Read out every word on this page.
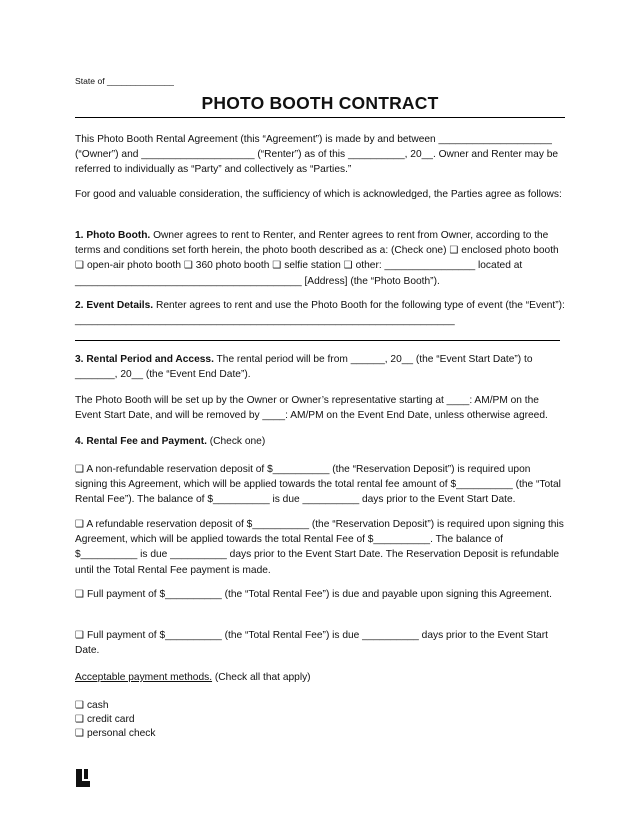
State of ______________
PHOTO BOOTH CONTRACT

This Photo Booth Rental Agreement (this “Agreement”) is made by and between ____________________ (“Owner”) and ____________________ (“Renter”) as of this __________, 20__. Owner and Renter may be referred to individually as “Party” and collectively as “Parties.”

For good and valuable consideration, the sufficiency of which is acknowledged, the Parties agree as follows:

1. Photo Booth. Owner agrees to rent to Renter, and Renter agrees to rent from Owner, according to the terms and conditions set forth herein, the photo booth described as a: (Check one) ❑ enclosed photo booth ❑ open-air photo booth ❑ 360 photo booth ❑ selfie station ❑ other: ________________ located at ________________________________________ [Address] (the “Photo Booth”).

2. Event Details. Renter agrees to rent and use the Photo Booth for the following type of event (the “Event”): ___________________________________________________________________

3. Rental Period and Access. The rental period will be from ______, 20__ (the “Event Start Date”) to _______, 20__ (the “Event End Date”).

The Photo Booth will be set up by the Owner or Owner’s representative starting at ____: AM/PM on the Event Start Date, and will be removed by ____: AM/PM on the Event End Date, unless otherwise agreed.

4. Rental Fee and Payment. (Check one)

❑ A non-refundable reservation deposit of $__________ (the “Reservation Deposit”) is required upon signing this Agreement, which will be applied towards the total rental fee amount of $__________ (the “Total Rental Fee”). The balance of $__________ is due __________ days prior to the Event Start Date.

❑ A refundable reservation deposit of $__________ (the “Reservation Deposit”) is required upon signing this Agreement, which will be applied towards the total Rental Fee of $__________. The balance of $__________ is due __________ days prior to the Event Start Date. The Reservation Deposit is refundable until the Total Rental Fee payment is made.

❑ Full payment of $__________ (the “Total Rental Fee”) is due and payable upon signing this Agreement.

❑ Full payment of $__________ (the “Total Rental Fee”) is due __________ days prior to the Event Start Date.

Acceptable payment methods. (Check all that apply)

❑ cash

❑ credit card

❑ personal check
